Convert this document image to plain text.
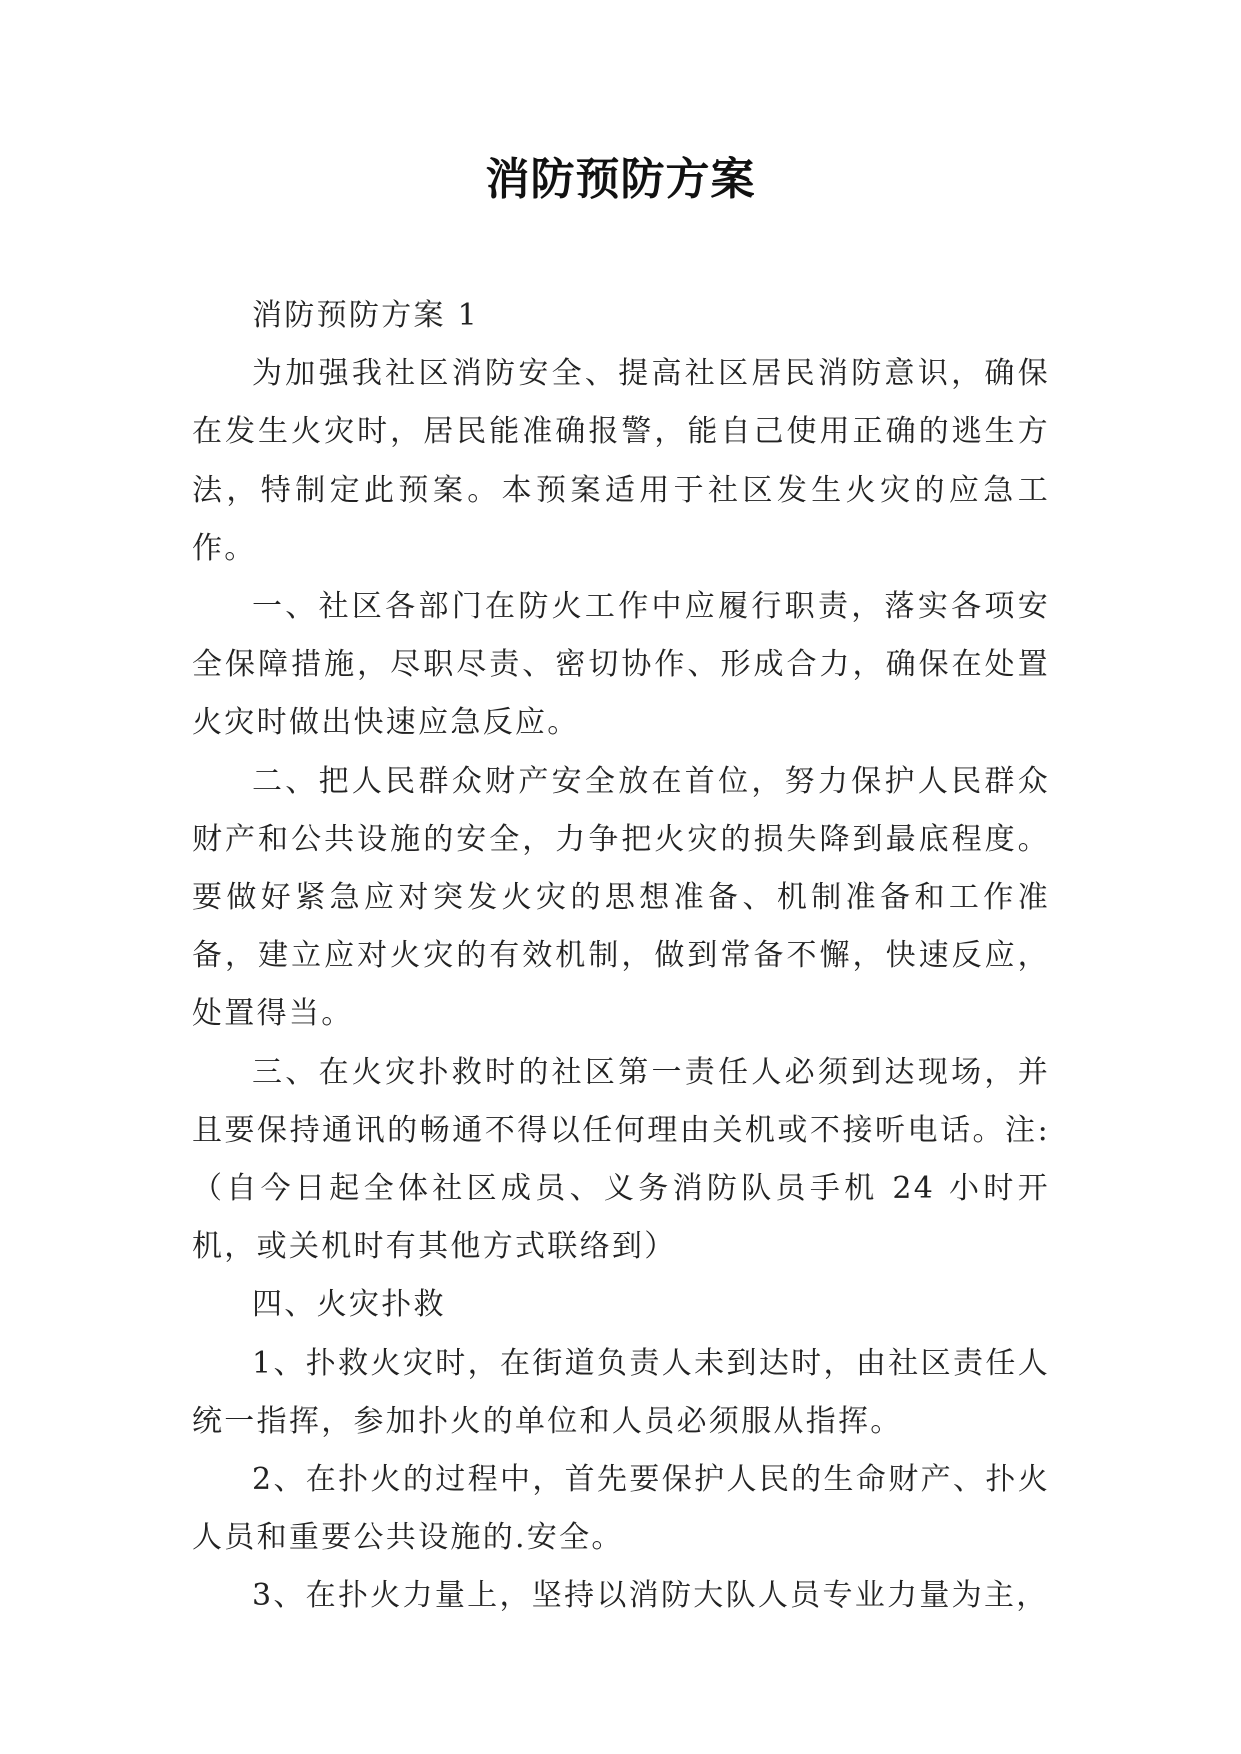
消防预防方案

消防预防方案 1

为加强我社区消防安全、提高社区居民消防意识，确保在发生火灾时，居民能准确报警，能自己使用正确的逃生方法，特制定此预案。本预案适用于社区发生火灾的应急工作。

一、社区各部门在防火工作中应履行职责，落实各项安全保障措施，尽职尽责、密切协作、形成合力，确保在处置火灾时做出快速应急反应。

二、把人民群众财产安全放在首位，努力保护人民群众财产和公共设施的安全，力争把火灾的损失降到最底程度。要做好紧急应对突发火灾的思想准备、机制准备和工作准备，建立应对火灾的有效机制，做到常备不懈，快速反应，处置得当。

三、在火灾扑救时的社区第一责任人必须到达现场，并且要保持通讯的畅通不得以任何理由关机或不接听电话。注:（自今日起全体社区成员、义务消防队员手机 24 小时开机，或关机时有其他方式联络到）

四、火灾扑救

1、扑救火灾时，在街道负责人未到达时，由社区责任人统一指挥，参加扑火的单位和人员必须服从指挥。

2、在扑火的过程中，首先要保护人民的生命财产、扑火人员和重要公共设施的.安全。

3、在扑火力量上，坚持以消防大队人员专业力量为主，
